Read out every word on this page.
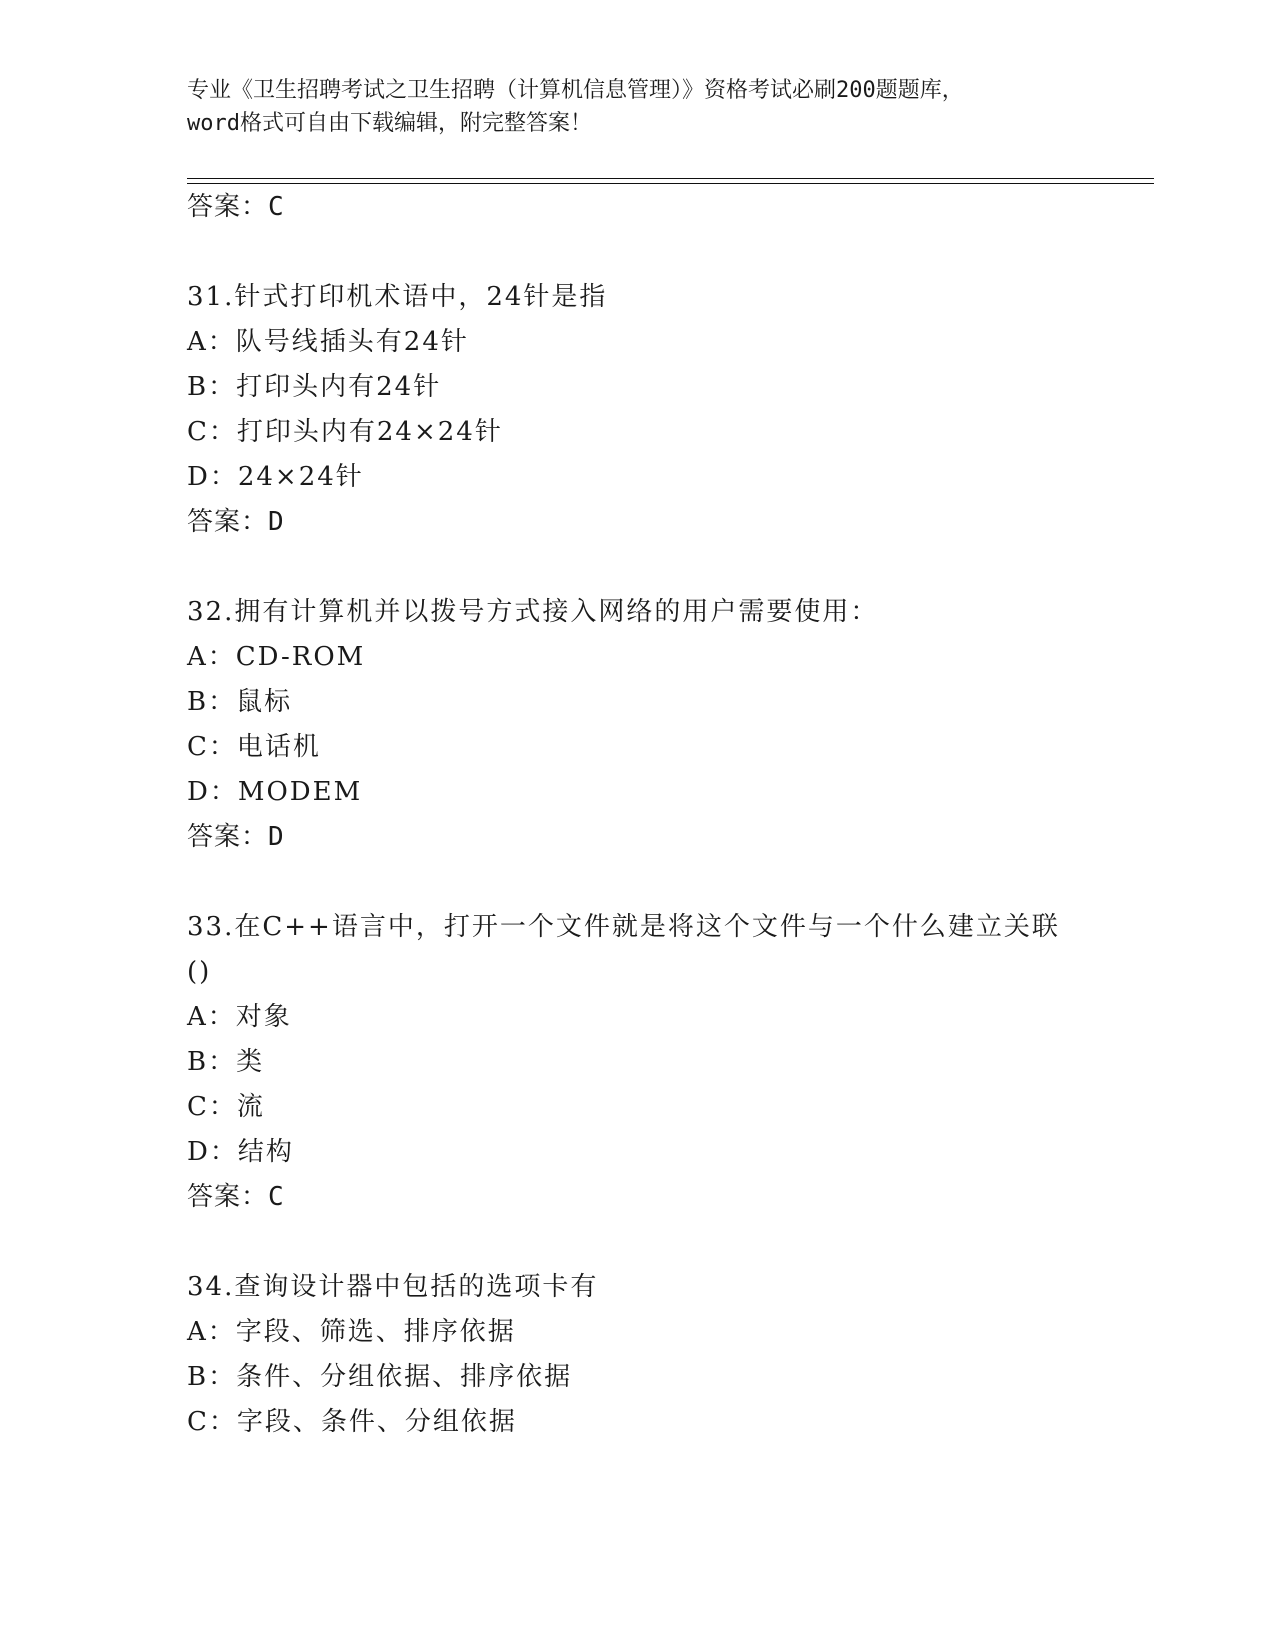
专业《卫生招聘考试之卫生招聘（计算机信息管理）》资格考试必刷200题题库，
word格式可自由下载编辑，附完整答案！
答案：C
31.针式打印机术语中，24针是指
A：队号线插头有24针
B：打印头内有24针
C：打印头内有24×24针
D：24×24针
答案：D
32.拥有计算机并以拨号方式接入网络的用户需要使用：
A：CD-ROM
B：鼠标
C：电话机
D：MODEM
答案：D
33.在C++语言中，打开一个文件就是将这个文件与一个什么建立关联
()
A：对象
B：类
C：流
D：结构
答案：C
34.查询设计器中包括的选项卡有
A：字段、筛选、排序依据
B：条件、分组依据、排序依据
C：字段、条件、分组依据
